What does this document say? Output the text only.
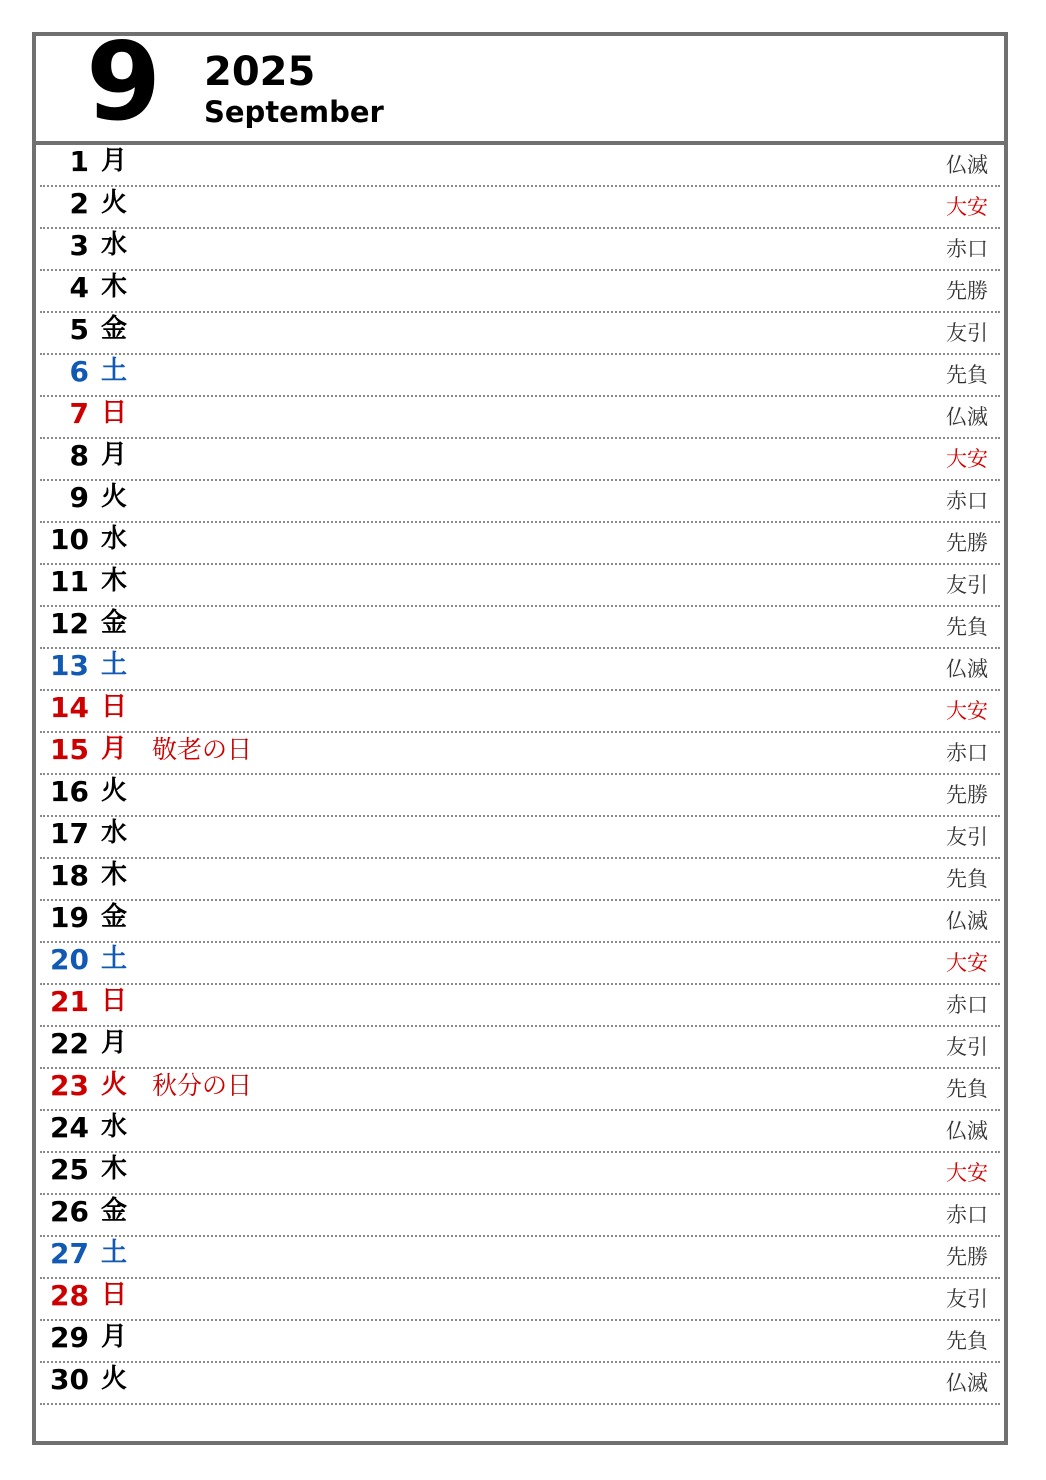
9 2025
September
1 月	仏滅
2 火	大安
3 水	赤口
4 木	先勝
5 金	友引
6 土	先負
7 日	仏滅
8 月	大安
9 火	赤口
10 水	先勝
11 木	友引
12 金	先負
13 土	仏滅
14 日	大安
15 月 敬老の日	赤口
16 火	先勝
17 水	友引
18 木	先負
19 金	仏滅
20 土	大安
21 日	赤口
22 月	友引
23 火 秋分の日	先負
24 水	仏滅
25 木	大安
26 金	赤口
27 土	先勝
28 日	友引
29 月	先負
30 火	仏滅
